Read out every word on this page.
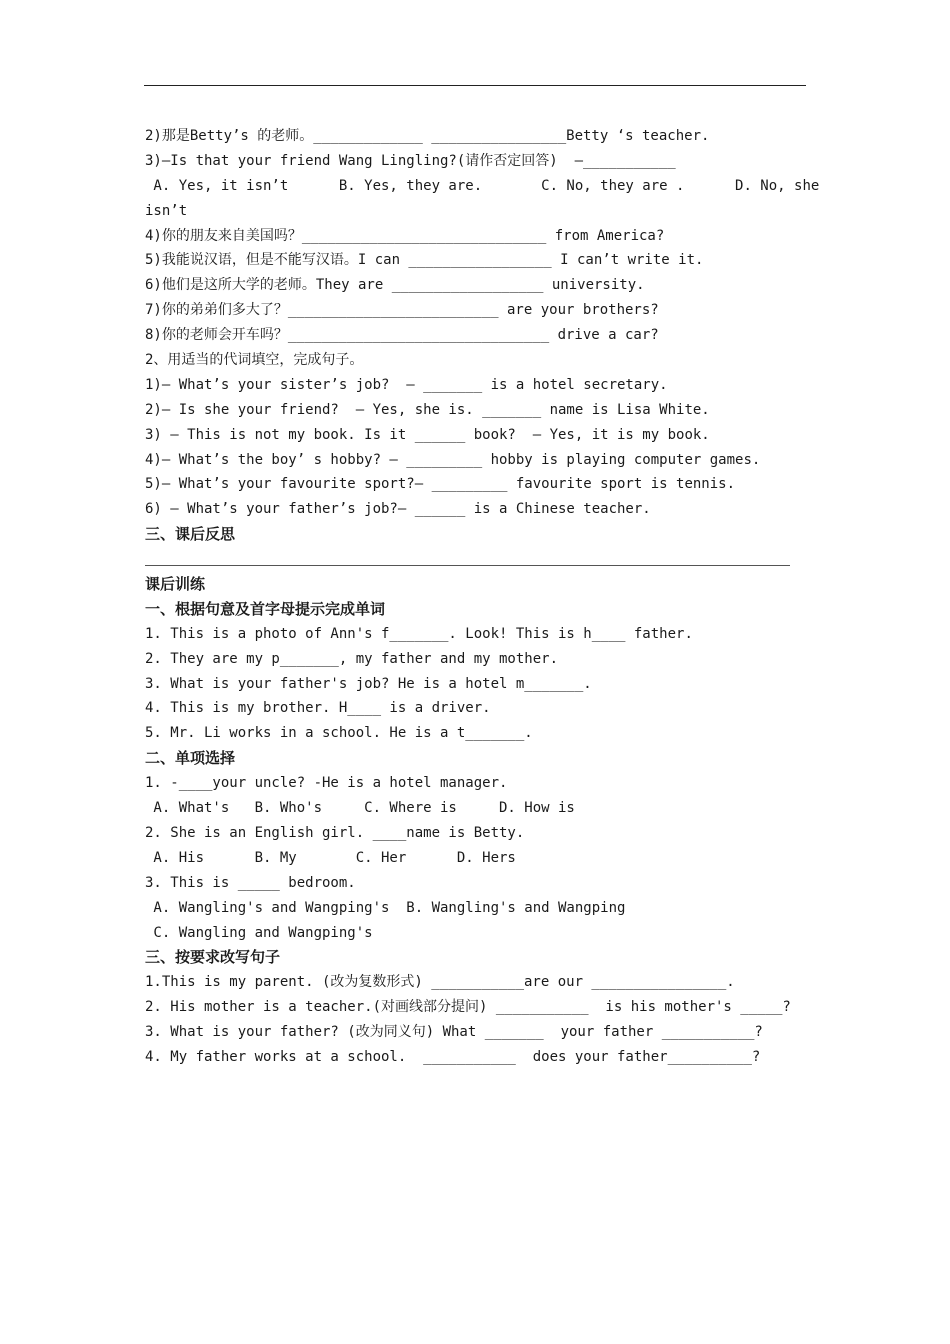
2)那是Betty’s 的老师。_____________ ________________Betty ‘s teacher.
3)—Is that your friend Wang Lingling?(请作否定回答)  —___________
A. Yes, it isn’t      B. Yes, they are.       C. No, they are .      D. No, she
isn’t
4)你的朋友来自美国吗？_____________________________ from America?
5)我能说汉语，但是不能写汉语。I can _________________ I can’t write it.
6)他们是这所大学的老师。They are __________________ university.
7)你的弟弟们多大了？_________________________ are your brothers?
8)你的老师会开车吗？_______________________________ drive a car?
2、用适当的代词填空，完成句子。
1)— What’s your sister’s job?  — _______ is a hotel secretary.
2)— Is she your friend?  — Yes, she is. _______ name is Lisa White.
3) — This is not my book. Is it ______ book?  — Yes, it is my book.
4)— What’s the boy’ s hobby? — _________ hobby is playing computer games.
5)— What’s your favourite sport?— _________ favourite sport is tennis.
6) — What’s your father’s job?— ______ is a Chinese teacher.
三、课后反思
课后训练
一、根据句意及首字母提示完成单词
1. This is a photo of Ann's f_______. Look! This is h____ father.
2. They are my p_______, my father and my mother.
3. What is your father's job? He is a hotel m_______.
4. This is my brother. H____ is a driver.
5. Mr. Li works in a school. He is a t_______.
二、单项选择
1. -____your uncle? -He is a hotel manager.
A. What's   B. Who's     C. Where is     D. How is
2. She is an English girl. ____name is Betty.
A. His      B. My       C. Her      D. Hers
3. This is _____ bedroom.
A. Wangling's and Wangping's  B. Wangling's and Wangping
C. Wangling and Wangping's
三、按要求改写句子
1.This is my parent. (改为复数形式) ___________are our ________________.
2. His mother is a teacher.(对画线部分提问) ___________  is his mother's _____?
3. What is your father? (改为同义句) What _______  your father ___________?
4. My father works at a school.  ___________  does your father__________?
